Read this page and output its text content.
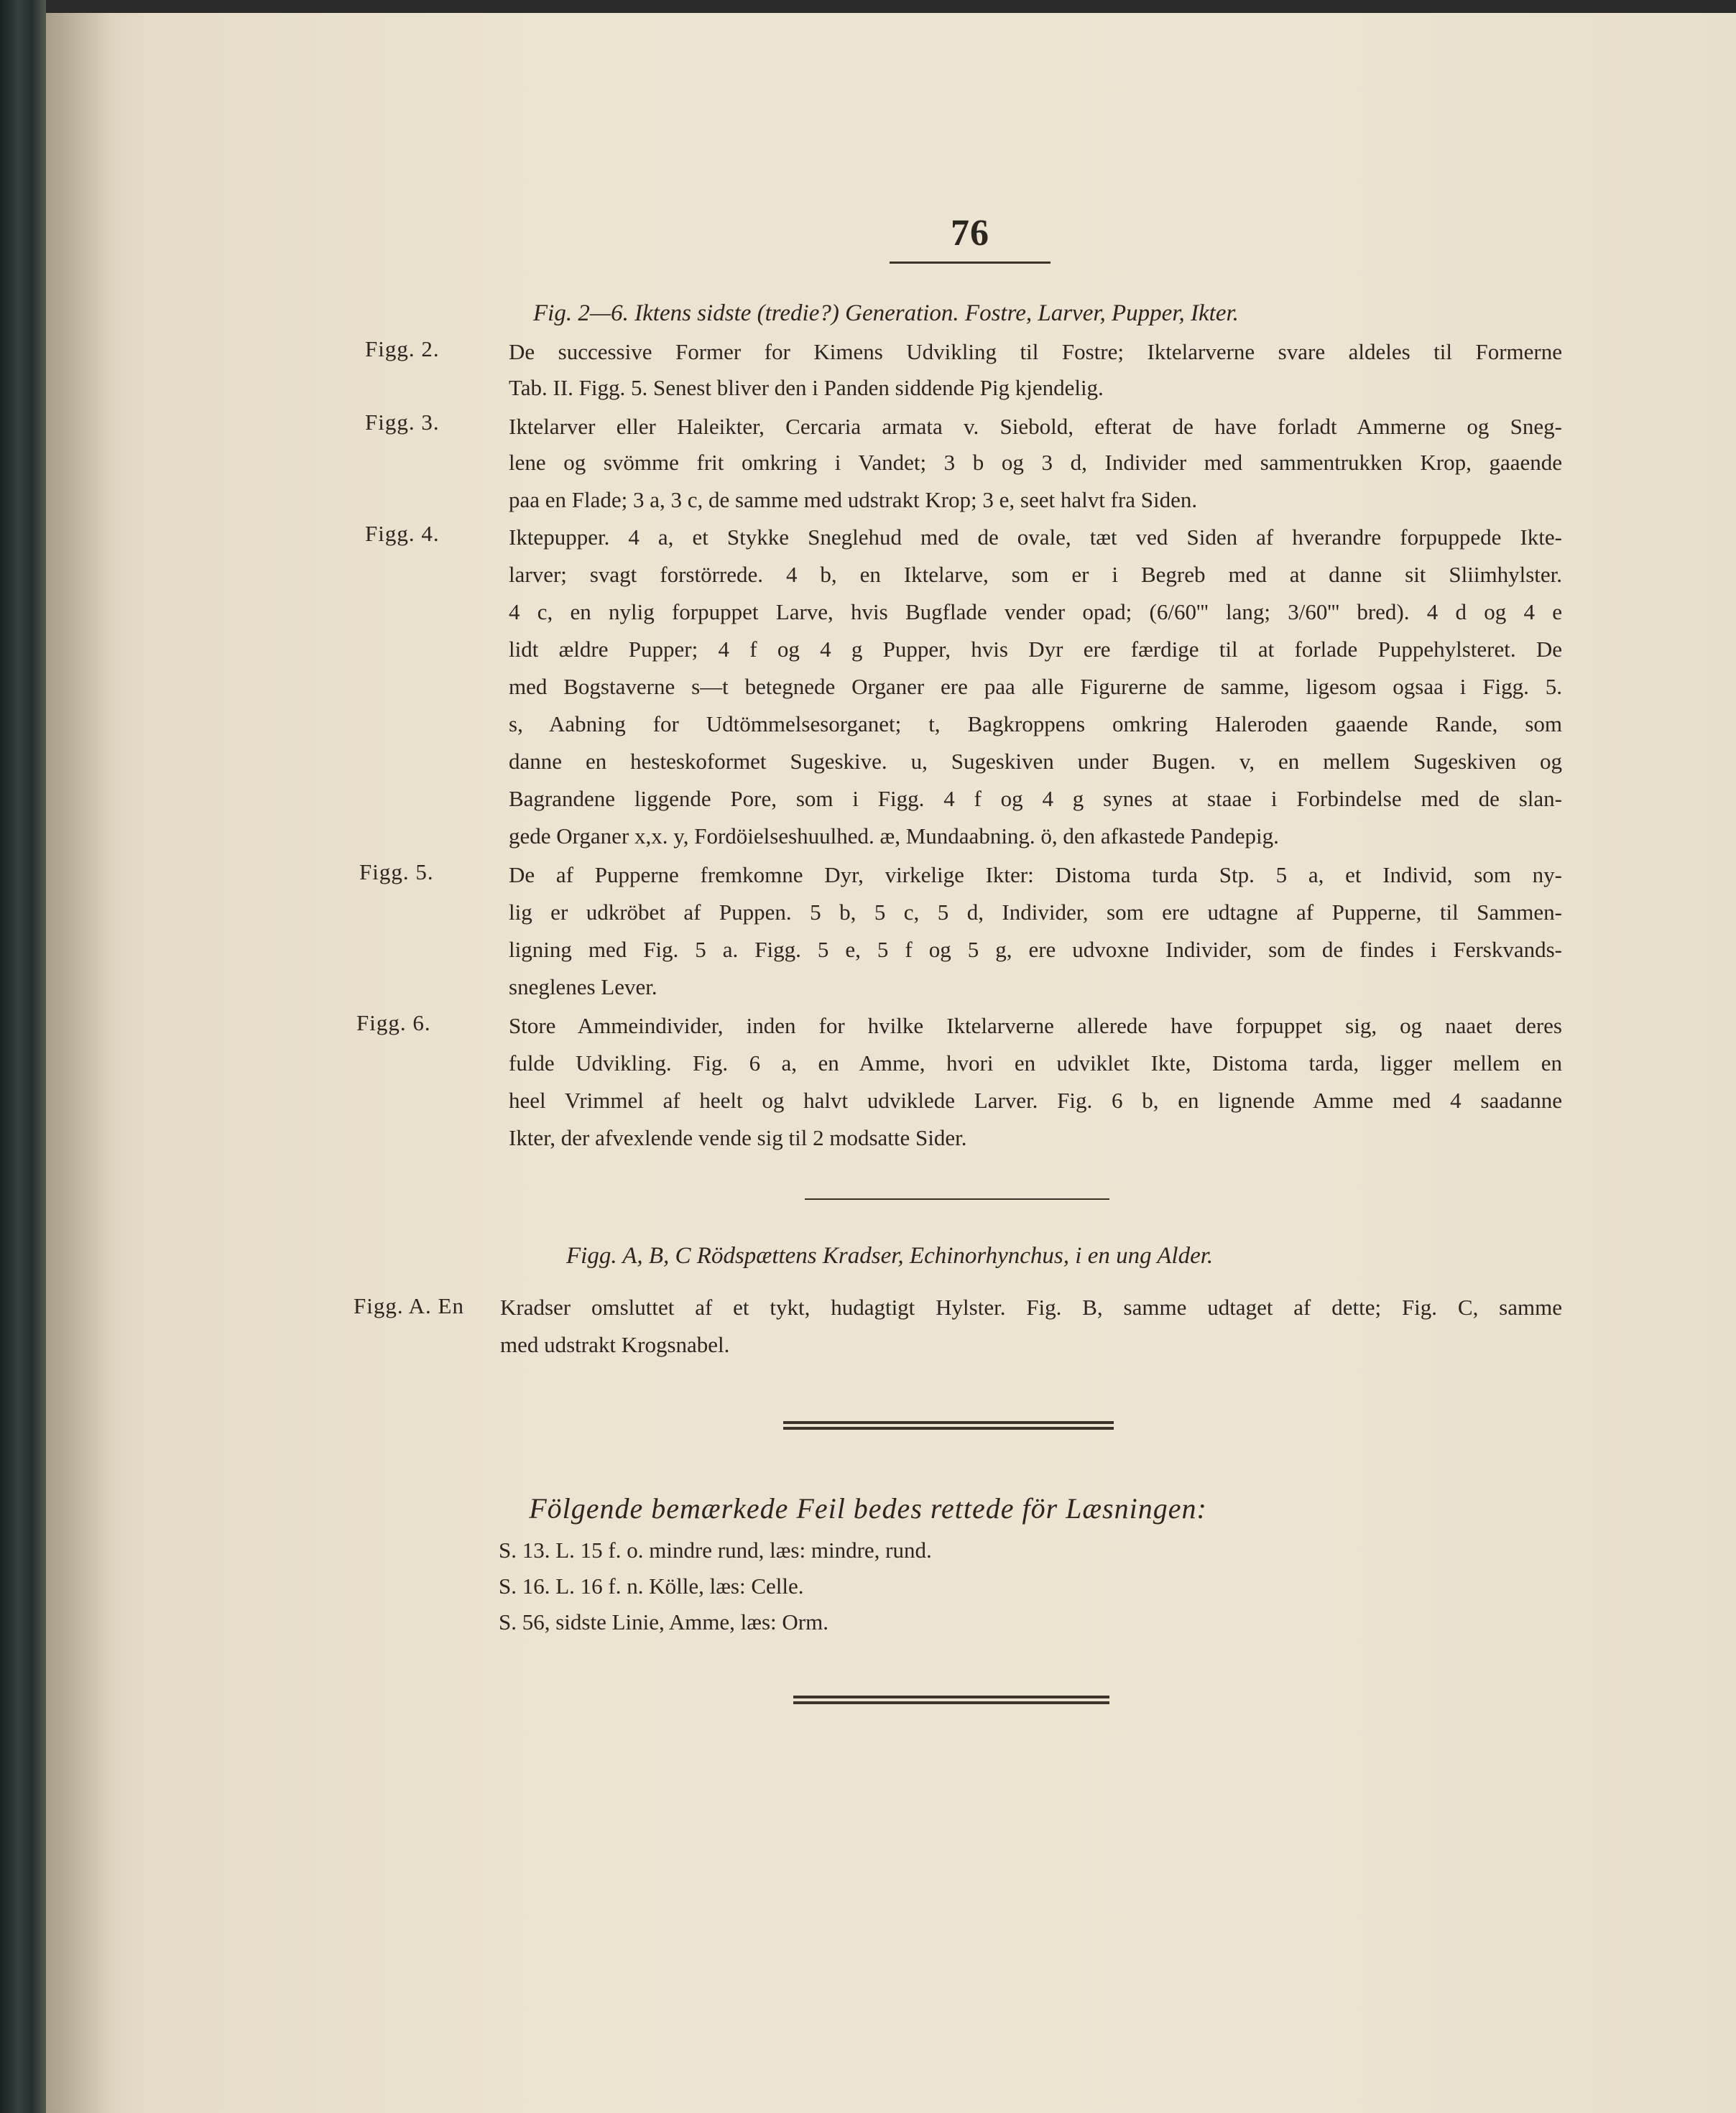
76
Fig. 2—6. Iktens sidste (tredie?) Generation. Fostre, Larver, Pupper, Ikter.
Figg. 2.	De successive Former for Kimens Udvikling til Fostre; Iktelarverne svare aldeles til Formerne
Tab. II. Figg. 5. Senest bliver den i Panden siddende Pig kjendelig.
Figg. 3.	Iktelarver eller Haleikter, Cercaria armata v. Siebold, efterat de have forladt Ammerne og Sneg-
lene og svömme frit omkring i Vandet; 3 b og 3 d, Individer med sammentrukken Krop, gaaende
paa en Flade; 3 a, 3 c, de samme med udstrakt Krop; 3 e, seet halvt fra Siden.
Figg. 4.	Iktepupper. 4 a, et Stykke Sneglehud med de ovale, tæt ved Siden af hverandre forpuppede Ikte-
larver; svagt forstörrede. 4 b, en Iktelarve, som er i Begreb med at danne sit Sliimhylster.
4 c, en nylig forpuppet Larve, hvis Bugflade vender opad; (6/60''' lang; 3/60''' bred). 4 d og 4 e
lidt ældre Pupper; 4 f og 4 g Pupper, hvis Dyr ere færdige til at forlade Puppehylsteret. De
med Bogstaverne s—t betegnede Organer ere paa alle Figurerne de samme, ligesom ogsaa i Figg. 5.
s, Aabning for Udtömmelsesorganet; t, Bagkroppens omkring Haleroden gaaende Rande, som
danne en hesteskoformet Sugeskive. u, Sugeskiven under Bugen. v, en mellem Sugeskiven og
Bagrandene liggende Pore, som i Figg. 4 f og 4 g synes at staae i Forbindelse med de slan-
gede Organer x,x. y, Fordöielseshuulhed. æ, Mundaabning. ö, den afkastede Pandepig.
Figg. 5.	De af Pupperne fremkomne Dyr, virkelige Ikter: Distoma turda Stp. 5 a, et Individ, som ny-
lig er udkröbet af Puppen. 5 b, 5 c, 5 d, Individer, som ere udtagne af Pupperne, til Sammen-
ligning med Fig. 5 a. Figg. 5 e, 5 f og 5 g, ere udvoxne Individer, som de findes i Ferskvands-
sneglenes Lever.
Figg. 6.	Store Ammeindivider, inden for hvilke Iktelarverne allerede have forpuppet sig, og naaet deres
fulde Udvikling. Fig. 6 a, en Amme, hvori en udviklet Ikte, Distoma tarda, ligger mellem en
heel Vrimmel af heelt og halvt udviklede Larver. Fig. 6 b, en lignende Amme med 4 saadanne
Ikter, der afvexlende vende sig til 2 modsatte Sider.
Figg. A, B, C Rödspættens Kradser, Echinorhynchus, i en ung Alder.
Figg. A. En Kradser omsluttet af et tykt, hudagtigt Hylster. Fig. B, samme udtaget af dette; Fig. C, samme
med udstrakt Krogsnabel.
Fölgende bemærkede Feil bedes rettede för Læsningen:
S. 13. L. 15 f. o. mindre rund, læs: mindre, rund.
S. 16. L. 16 f. n. Kölle, læs: Celle.
S. 56, sidste Linie, Amme, læs: Orm.
